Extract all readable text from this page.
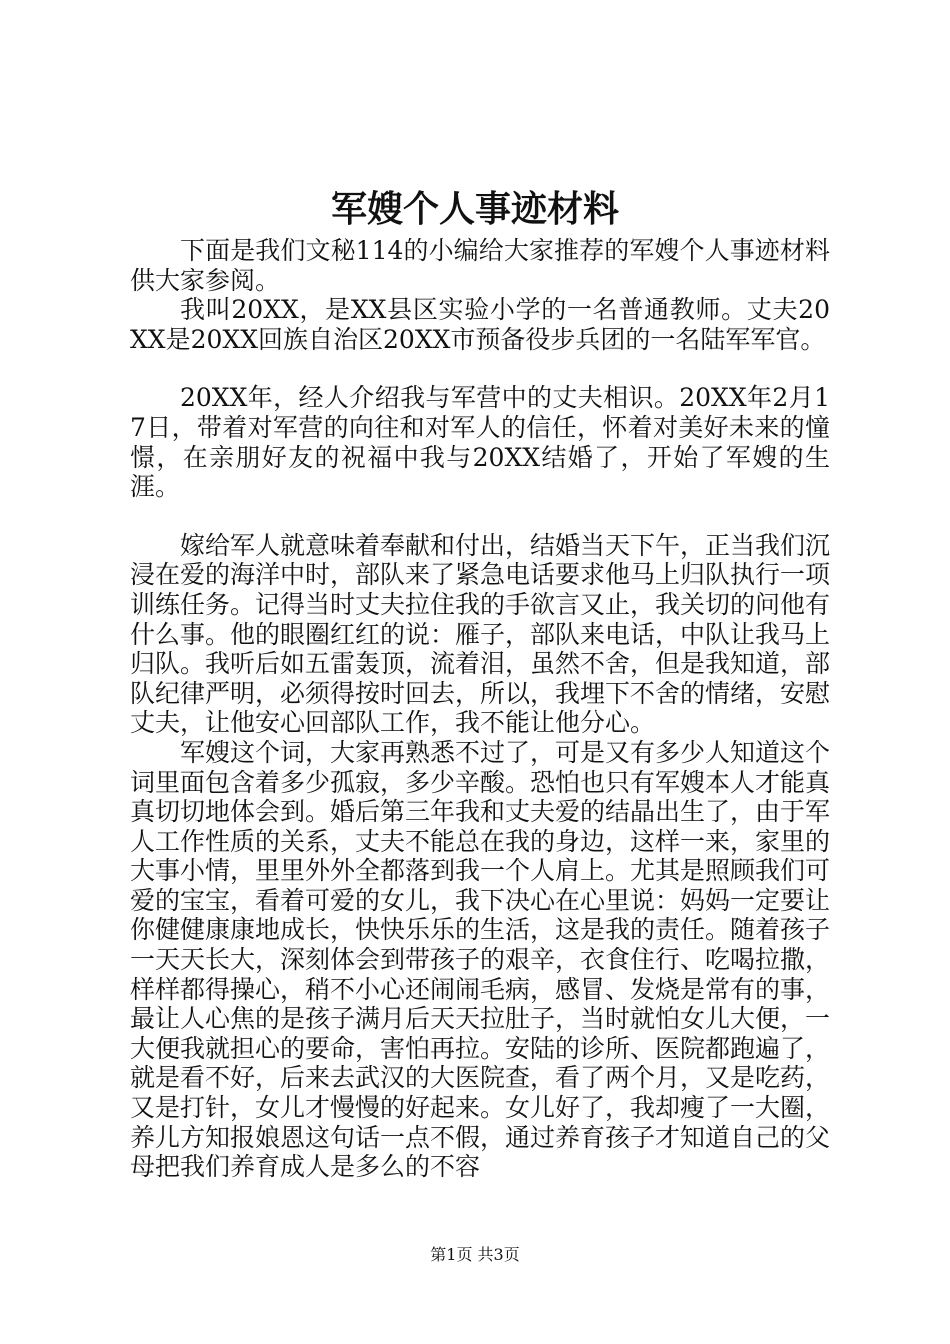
军嫂个人事迹材料

下面是我们文秘114的小编给大家推荐的军嫂个人事迹材料供大家参阅。

我叫20XX，是XX县区实验小学的一名普通教师。丈夫20XX是20XX回族自治区20XX市预备役步兵团的一名陆军军官。

20XX年，经人介绍我与军营中的丈夫相识。20XX年2月17日，带着对军营的向往和对军人的信任，怀着对美好未来的憧憬，在亲朋好友的祝福中我与20XX结婚了，开始了军嫂的生涯。

嫁给军人就意味着奉献和付出，结婚当天下午，正当我们沉浸在爱的海洋中时，部队来了紧急电话要求他马上归队执行一项训练任务。记得当时丈夫拉住我的手欲言又止，我关切的问他有什么事。他的眼圈红红的说：雁子，部队来电话，中队让我马上归队。我听后如五雷轰顶，流着泪，虽然不舍，但是我知道，部队纪律严明，必须得按时回去，所以，我埋下不舍的情绪，安慰丈夫，让他安心回部队工作，我不能让他分心。

军嫂这个词，大家再熟悉不过了，可是又有多少人知道这个词里面包含着多少孤寂，多少辛酸。恐怕也只有军嫂本人才能真真切切地体会到。婚后第三年我和丈夫爱的结晶出生了，由于军人工作性质的关系，丈夫不能总在我的身边，这样一来，家里的大事小情，里里外外全都落到我一个人肩上。尤其是照顾我们可爱的宝宝，看着可爱的女儿，我下决心在心里说：妈妈一定要让你健健康康地成长，快快乐乐的生活，这是我的责任。随着孩子一天天长大，深刻体会到带孩子的艰辛，衣食住行、吃喝拉撒，样样都得操心，稍不小心还闹闹毛病，感冒、发烧是常有的事，最让人心焦的是孩子满月后天天拉肚子，当时就怕女儿大便，一大便我就担心的要命，害怕再拉。安陆的诊所、医院都跑遍了，就是看不好，后来去武汉的大医院查，看了两个月，又是吃药，又是打针，女儿才慢慢的好起来。女儿好了，我却瘦了一大圈，养儿方知报娘恩这句话一点不假，通过养育孩子才知道自己的父母把我们养育成人是多么的不容

第1页 共3页
